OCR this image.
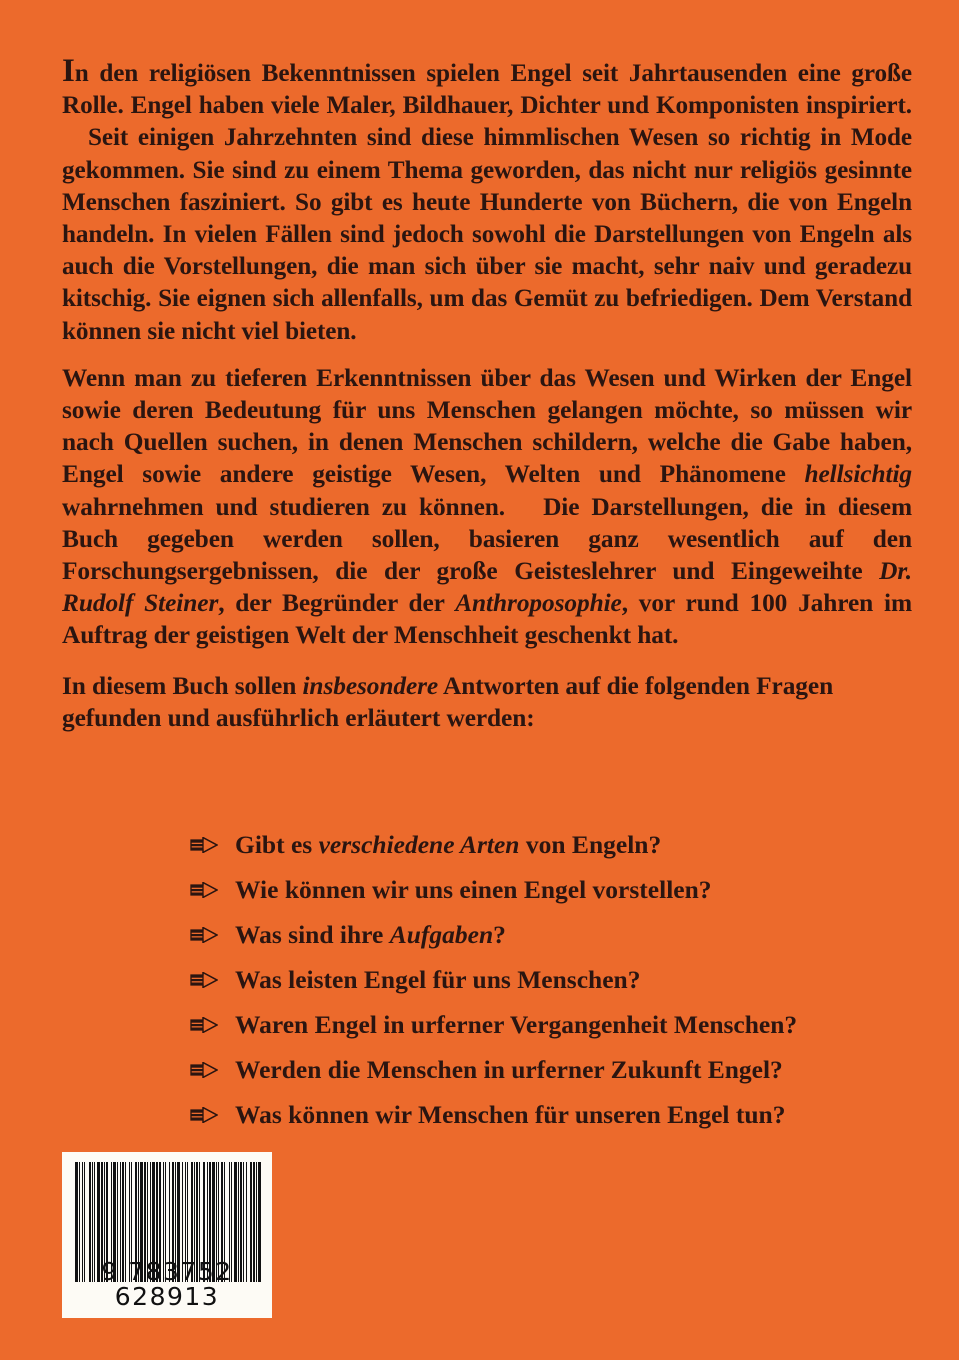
In den religiösen Bekenntnissen spielen Engel seit Jahrtausenden eine große Rolle. Engel haben viele Maler, Bildhauer, Dichter und Komponisten inspiriert. Seit einigen Jahrzehnten sind diese himmlischen Wesen so richtig in Mode gekommen. Sie sind zu einem Thema geworden, das nicht nur religiös gesinnte Menschen fasziniert. So gibt es heute Hunderte von Büchern, die von Engeln handeln. In vielen Fällen sind jedoch sowohl die Darstellungen von Engeln als auch die Vorstellungen, die man sich über sie macht, sehr naiv und geradezu kitschig. Sie eignen sich allenfalls, um das Gemüt zu befriedigen. Dem Verstand können sie nicht viel bieten.

Wenn man zu tieferen Erkenntnissen über das Wesen und Wirken der Engel sowie deren Bedeutung für uns Menschen gelangen möchte, so müssen wir nach Quellen suchen, in denen Menschen schildern, welche die Gabe haben, Engel sowie andere geistige Wesen, Welten und Phänomene hellsichtig wahrnehmen und studieren zu können. Die Darstellungen, die in diesem Buch gegeben werden sollen, basieren ganz wesentlich auf den Forschungsergebnissen, die der große Geisteslehrer und Eingeweihte Dr. Rudolf Steiner, der Begründer der Anthroposophie, vor rund 100 Jahren im Auftrag der geistigen Welt der Menschheit geschenkt hat.

In diesem Buch sollen insbesondere Antworten auf die folgenden Fragen gefunden und ausführlich erläutert werden:

Gibt es verschiedene Arten von Engeln?
Wie können wir uns einen Engel vorstellen?
Was sind ihre Aufgaben?
Was leisten Engel für uns Menschen?
Waren Engel in urferner Vergangenheit Menschen?
Werden die Menschen in urferner Zukunft Engel?
Was können wir Menschen für unseren Engel tun?
9 783752 628913
